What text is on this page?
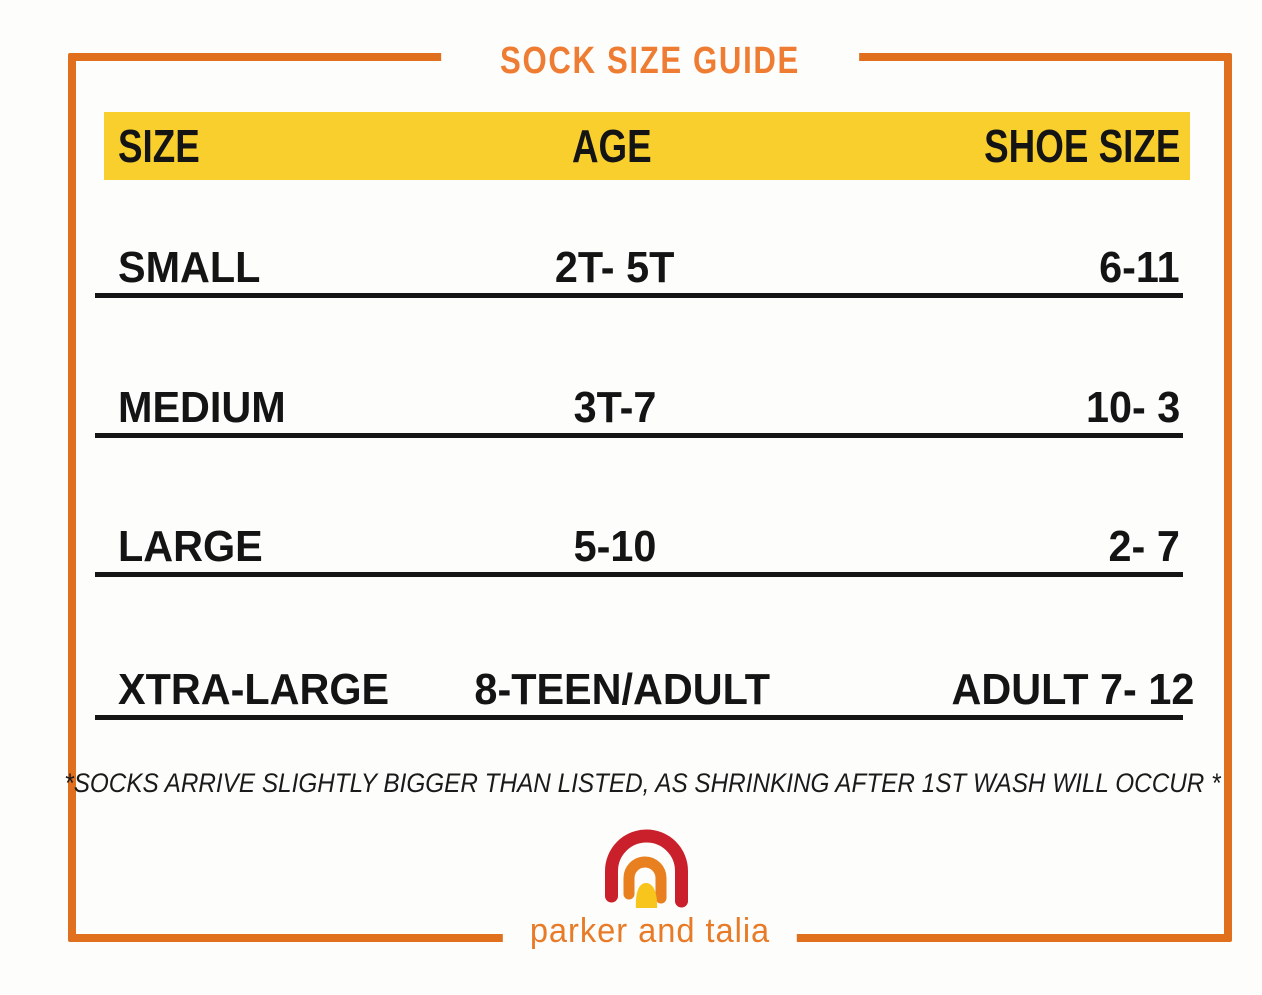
SOCK SIZE GUIDE
SIZE	AGE	SHOE SIZE
SMALL	2T- 5T	6-11
MEDIUM	3T-7	10- 3
LARGE	5-10	2- 7
XTRA-LARGE	8-TEEN/ADULT	ADULT 7- 12
*SOCKS ARRIVE SLIGHTLY BIGGER THAN LISTED, AS SHRINKING AFTER 1ST WASH WILL OCCUR *
parker and talia
